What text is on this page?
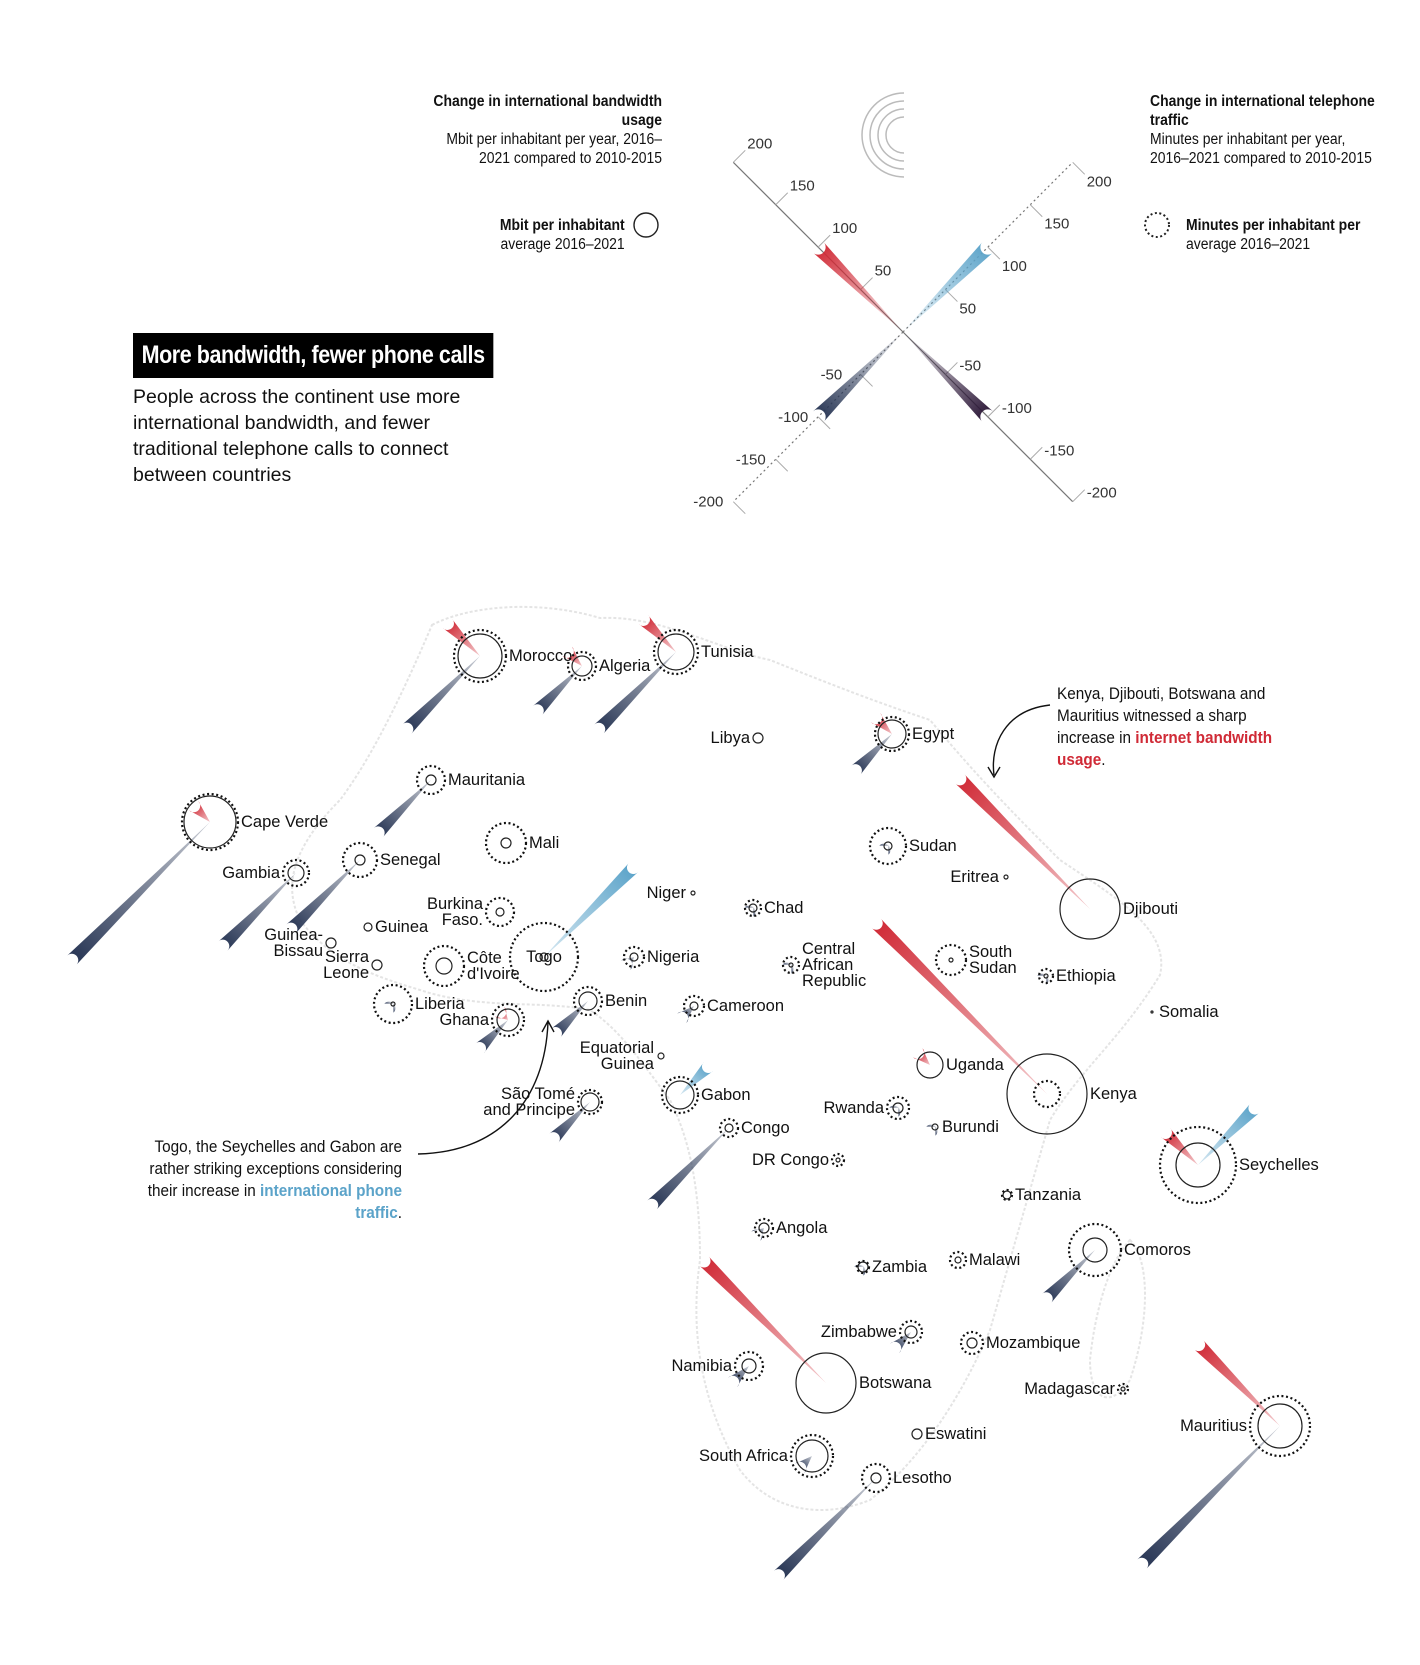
200
200
150
150
100
100
50
50
-50
-50
-100
-100
-150
-150
-200
-200
Morocco
Algeria
Tunisia
Libya	Egypt
Mauritania
Cape Verde
Gambia
Senegal
Mali
Niger
Chad
Sudan
Eritrea
Djibouti
Guinea
Burkina Faso.
Guinea-Bissau Sierra Leone
Côte d'Ivoire
Togo	Nigeria	Central African Republic
South Sudan Ethiopia
Liberia
Ghana
Benin	Cameroon	Somalia
Equatorial Guinea
São Tomé and Principe
Gabon
Uganda
Kenya
Rwanda
Burundi
Congo
DR Congo	Seychelles
Tanzania
Angola
Zambia	Malawi
Comoros
Zimbabwe
Mozambique
Namibia
Botswana	Madagascar
Mauritius
Eswatini
South Africa
Lesotho
More bandwidth, fewer phone calls
People across the continent use more international bandwidth, and fewer traditional telephone calls to connect between countries
Change in international bandwidth usage
Mbit per inhabitant per year, 2016–2021 compared to 2010-2015
Mbit per inhabitant
average 2016–2021
Change in international telephone traffic
Minutes per inhabitant per year, 2016–2021 compared to 2010-2015
Minutes per inhabitant per
average 2016–2021
Kenya, Djibouti, Botswana and Mauritius witnessed a sharp increase in internet bandwidth usage.
Togo, the Seychelles and Gabon are rather striking exceptions considering their increase in international phone traffic.
